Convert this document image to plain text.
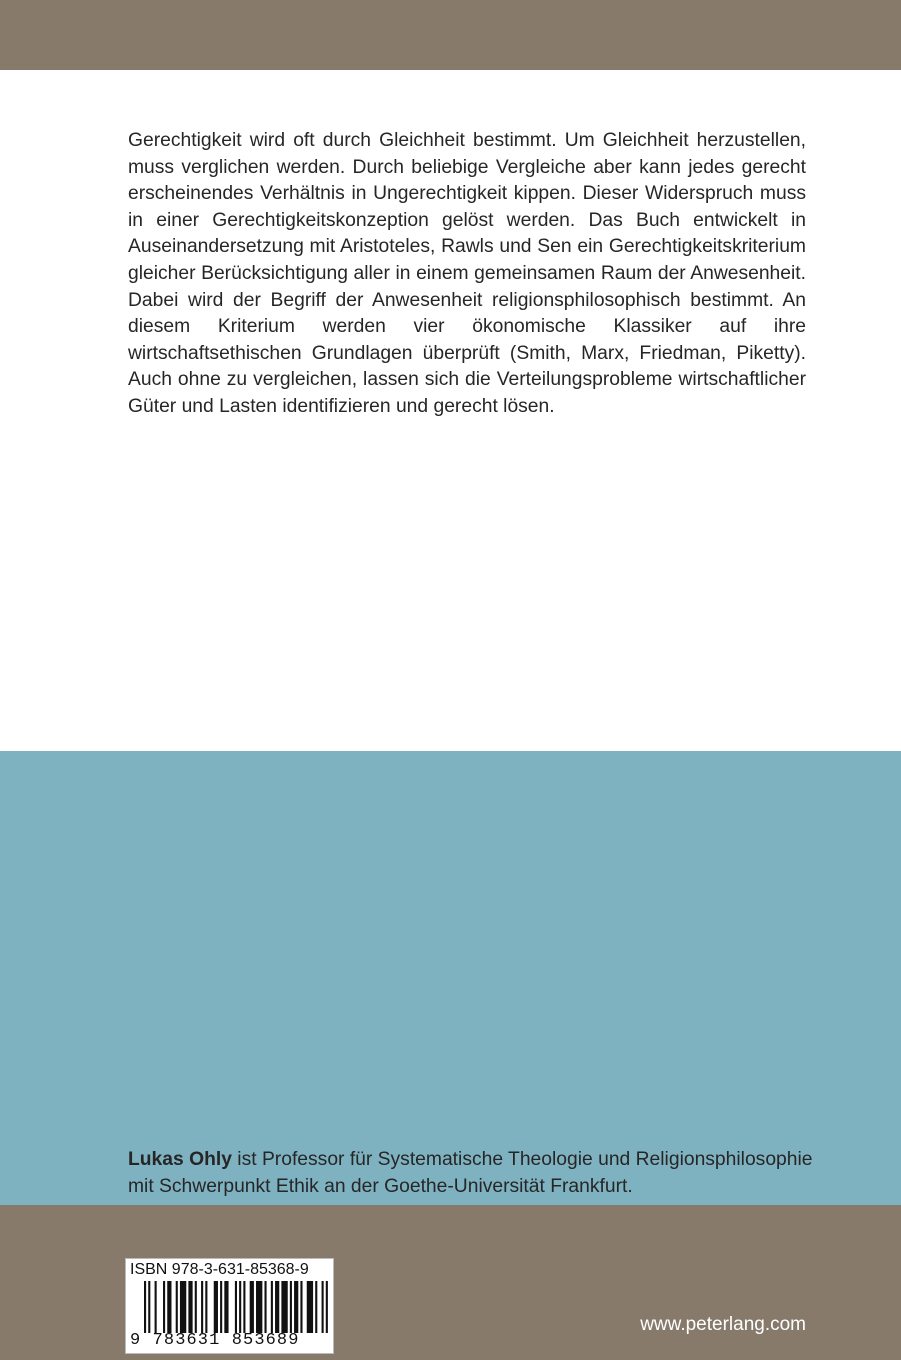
Gerechtigkeit wird oft durch Gleichheit bestimmt. Um Gleichheit herzustellen, muss verglichen werden. Durch beliebige Vergleiche aber kann jedes gerecht erscheinendes Verhältnis in Ungerechtigkeit kippen. Dieser Widerspruch muss in einer Gerechtigkeitskonzeption gelöst werden. Das Buch entwickelt in Auseinandersetzung mit Aristoteles, Rawls und Sen ein Gerechtigkeitskriterium gleicher Berücksichtigung aller in einem gemeinsamen Raum der Anwesenheit. Dabei wird der Begriff der Anwesenheit religionsphilosophisch bestimmt. An diesem Kriterium werden vier ökonomische Klassiker auf ihre wirtschaftsethischen Grundlagen überprüft (Smith, Marx, Friedman, Piketty). Auch ohne zu vergleichen, lassen sich die Verteilungsprobleme wirtschaftlicher Güter und Lasten identifizieren und gerecht lösen.

Lukas Ohly ist Professor für Systematische Theologie und Religionsphilosophie mit Schwerpunkt Ethik an der Goethe-Universität Frankfurt.

ISBN 978-3-631-85368-9
9 783631 853689
www.peterlang.com
